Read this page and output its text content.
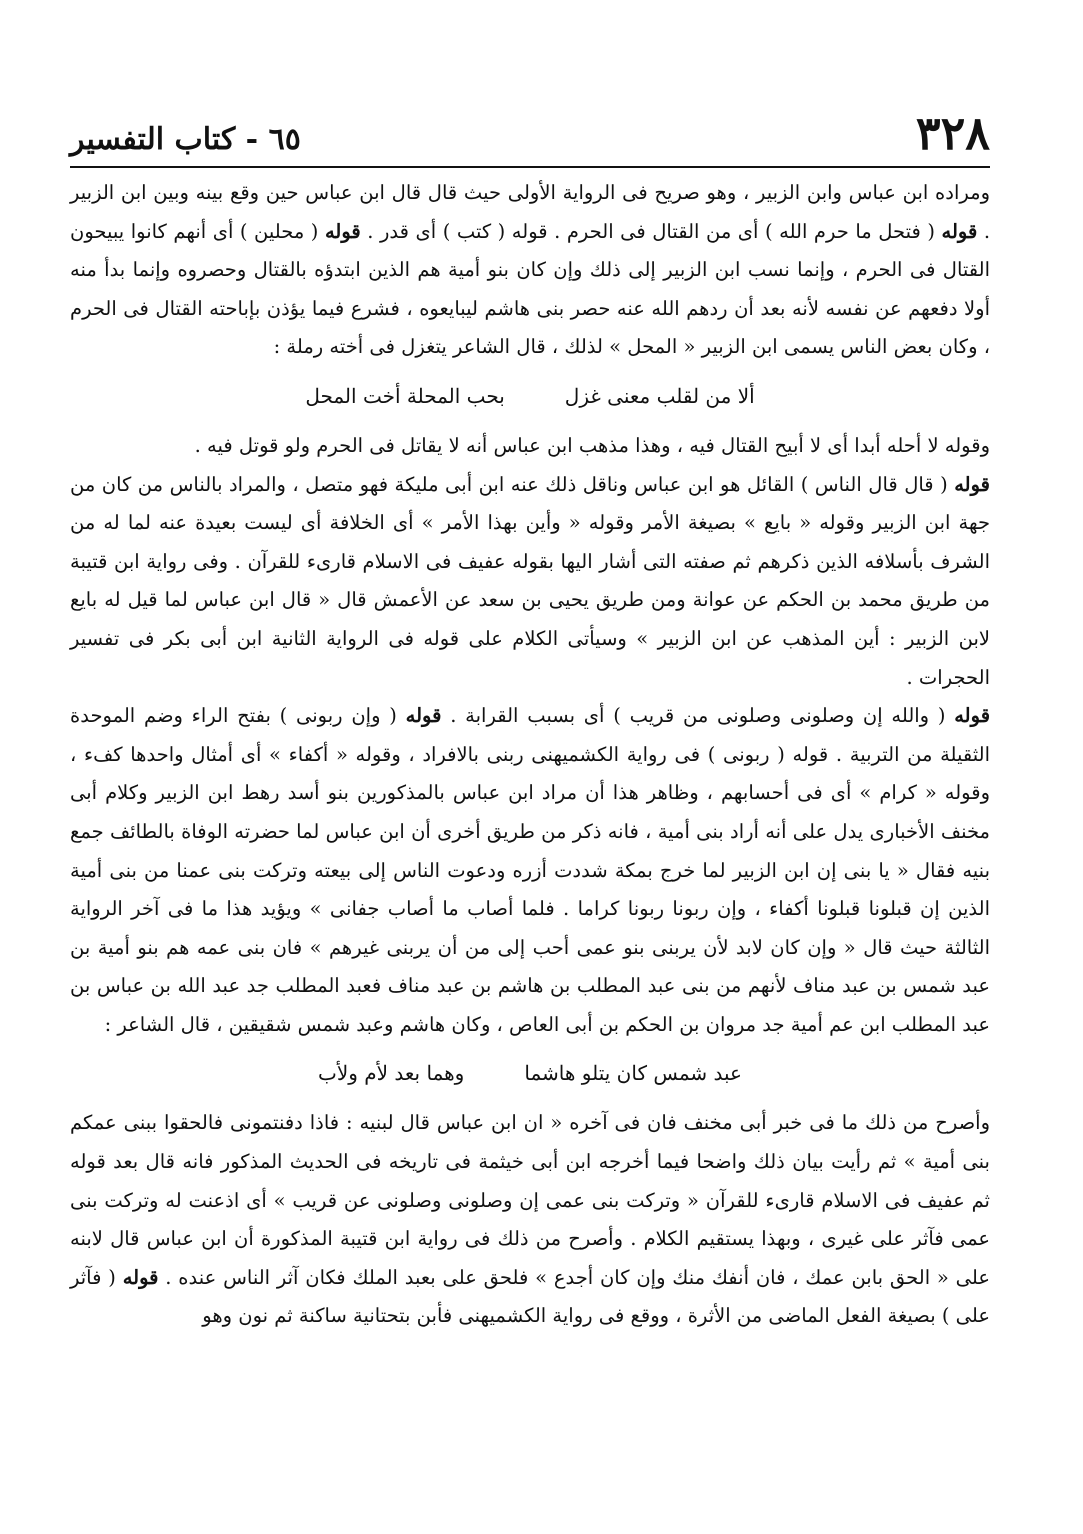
٣٢٨
٦٥ - كتاب التفسير

ومراده ابن عباس وابن الزبير ، وهو صريح فى الرواية الأولى حيث قال قال ابن عباس حين وقع بينه وبين ابن الزبير . قوله ( فتحل ما حرم الله ) أى من القتال فى الحرم . قوله ( كتب ) أى قدر . قوله ( محلين ) أى أنهم كانوا يبيحون القتال فى الحرم ، وإنما نسب ابن الزبير إلى ذلك وإن كان بنو أمية هم الذين ابتدؤه بالقتال وحصروه وإنما بدأ منه أولا دفعهم عن نفسه لأنه بعد أن ردهم الله عنه حصر بنى هاشم ليبايعوه ، فشرع فيما يؤذن بإباحته القتال فى الحرم ، وكان بعض الناس يسمى ابن الزبير « المحل » لذلك ، قال الشاعر يتغزل فى أخته رملة :

ألا من لقلب معنى غزل
بحب المحلة أخت المحل

وقوله لا أحله أبدا أى لا أبيح القتال فيه ، وهذا مذهب ابن عباس أنه لا يقاتل فى الحرم ولو قوتل فيه .

قوله ( قال قال الناس ) القائل هو ابن عباس وناقل ذلك عنه ابن أبى مليكة فهو متصل ، والمراد بالناس من كان من جهة ابن الزبير وقوله « بايع » بصيغة الأمر وقوله « وأين بهذا الأمر » أى الخلافة أى ليست بعيدة عنه لما له من الشرف بأسلافه الذين ذكرهم ثم صفته التى أشار اليها بقوله عفيف فى الاسلام قارىء للقرآن . وفى رواية ابن قتيبة من طريق محمد بن الحكم عن عوانة ومن طريق يحيى بن سعد عن الأعمش قال « قال ابن عباس لما قيل له بايع لابن الزبير : أين المذهب عن ابن الزبير » وسيأتى الكلام على قوله فى الرواية الثانية ابن أبى بكر فى تفسير الحجرات .

قوله ( والله إن وصلونى وصلونى من قريب ) أى بسبب القرابة . قوله ( وإن ربونى ) بفتح الراء وضم الموحدة الثقيلة من التربية . قوله ( ربونى ) فى رواية الكشميهنى ربنى بالافراد ، وقوله « أكفاء » أى أمثال واحدها كفء ، وقوله « كرام » أى فى أحسابهم ، وظاهر هذا أن مراد ابن عباس بالمذكورين بنو أسد رهط ابن الزبير وكلام أبى مخنف الأخبارى يدل على أنه أراد بنى أمية ، فانه ذكر من طريق أخرى أن ابن عباس لما حضرته الوفاة بالطائف جمع بنيه فقال « يا بنى إن ابن الزبير لما خرج بمكة شددت أزره ودعوت الناس إلى بيعته وتركت بنى عمنا من بنى أمية الذين إن قبلونا قبلونا أكفاء ، وإن ربونا ربونا كراما . فلما أصاب ما أصاب جفانى » ويؤيد هذا ما فى آخر الرواية الثالثة حيث قال « وإن كان لابد لأن يربنى بنو عمى أحب إلى من أن يربنى غيرهم » فان بنى عمه هم بنو أمية بن عبد شمس بن عبد مناف لأنهم من بنى عبد المطلب بن هاشم بن عبد مناف فعبد المطلب جد عبد الله بن عباس بن عبد المطلب ابن عم أمية جد مروان بن الحكم بن أبى العاص ، وكان هاشم وعبد شمس شقيقين ، قال الشاعر :

عبد شمس كان يتلو هاشما
وهما بعد لأم ولأب

وأصرح من ذلك ما فى خبر أبى مخنف فان فى آخره « ان ابن عباس قال لبنيه : فاذا دفنتمونى فالحقوا ببنى عمكم بنى أمية » ثم رأيت بيان ذلك واضحا فيما أخرجه ابن أبى خيثمة فى تاريخه فى الحديث المذكور فانه قال بعد قوله ثم عفيف فى الاسلام قارىء للقرآن « وتركت بنى عمى إن وصلونى وصلونى عن قريب » أى اذعنت له وتركت بنى عمى فآثر على غيرى ، وبهذا يستقيم الكلام . وأصرح من ذلك فى رواية ابن قتيبة المذكورة أن ابن عباس قال لابنه على « الحق بابن عمك ، فان أنفك منك وإن كان أجدع » فلحق على بعبد الملك فكان آثر الناس عنده . قوله ( فآثر على ) بصيغة الفعل الماضى من الأثرة ، ووقع فى رواية الكشميهنى فأبن بتحتانية ساكنة ثم نون وهو
